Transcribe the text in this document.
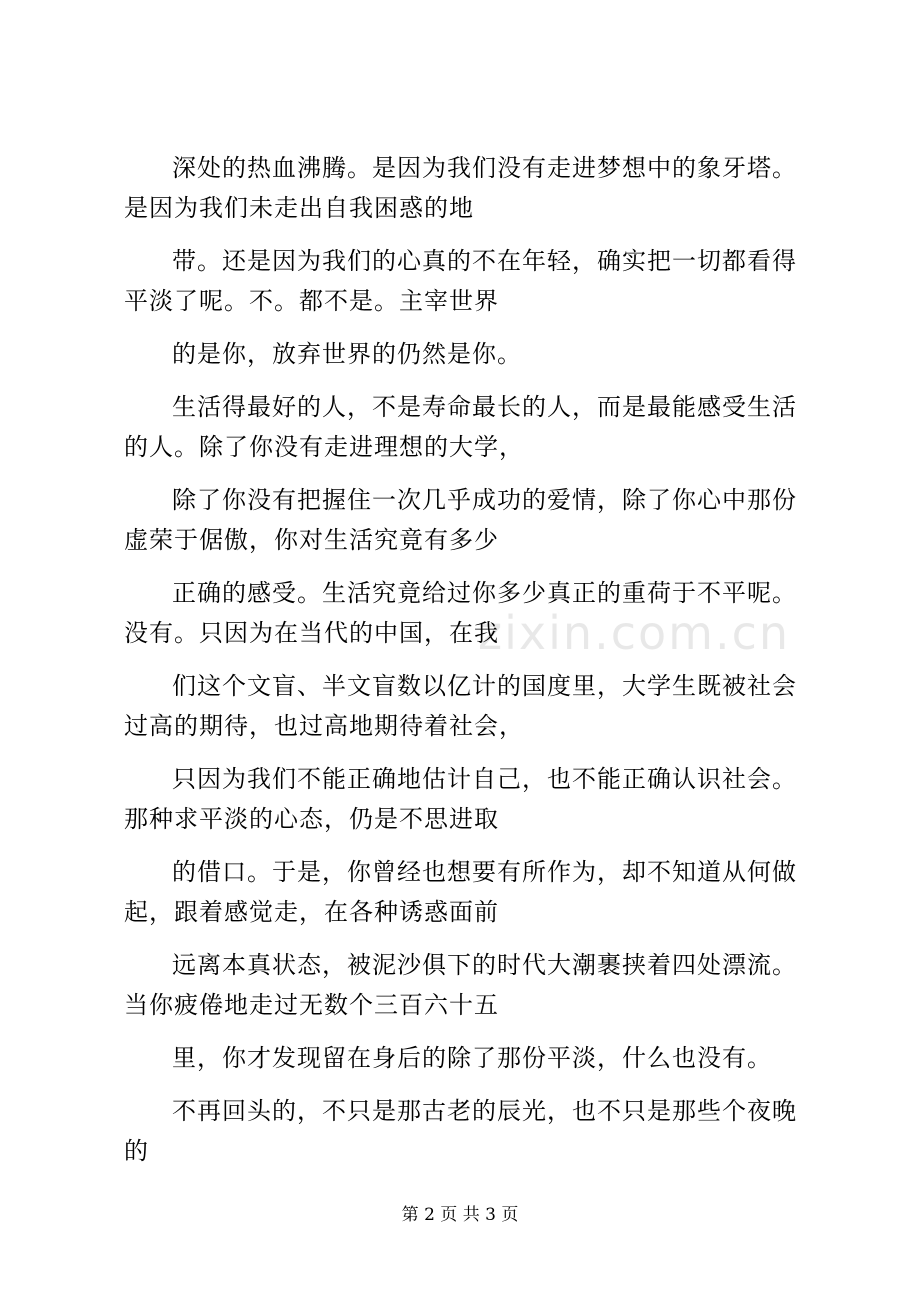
深处的热血沸腾。是因为我们没有走进梦想中的象牙塔。是因为我们未走出自我困惑的地

带。还是因为我们的心真的不在年轻，确实把一切都看得平淡了呢。不。都不是。主宰世界

的是你，放弃世界的仍然是你。

生活得最好的人，不是寿命最长的人，而是最能感受生活的人。除了你没有走进理想的大学，

除了你没有把握住一次几乎成功的爱情，除了你心中那份虚荣于倨傲，你对生活究竟有多少

正确的感受。生活究竟给过你多少真正的重荷于不平呢。没有。只因为在当代的中国，在我

们这个文盲、半文盲数以亿计的国度里，大学生既被社会过高的期待，也过高地期待着社会，

只因为我们不能正确地估计自己，也不能正确认识社会。那种求平淡的心态，仍是不思进取

的借口。于是，你曾经也想要有所作为，却不知道从何做起，跟着感觉走，在各种诱惑面前

远离本真状态，被泥沙俱下的时代大潮裹挟着四处漂流。当你疲倦地走过无数个三百六十五

里，你才发现留在身后的除了那份平淡，什么也没有。

不再回头的，不只是那古老的辰光，也不只是那些个夜晚的

zixin.com.cn
第 2 页 共 3 页
